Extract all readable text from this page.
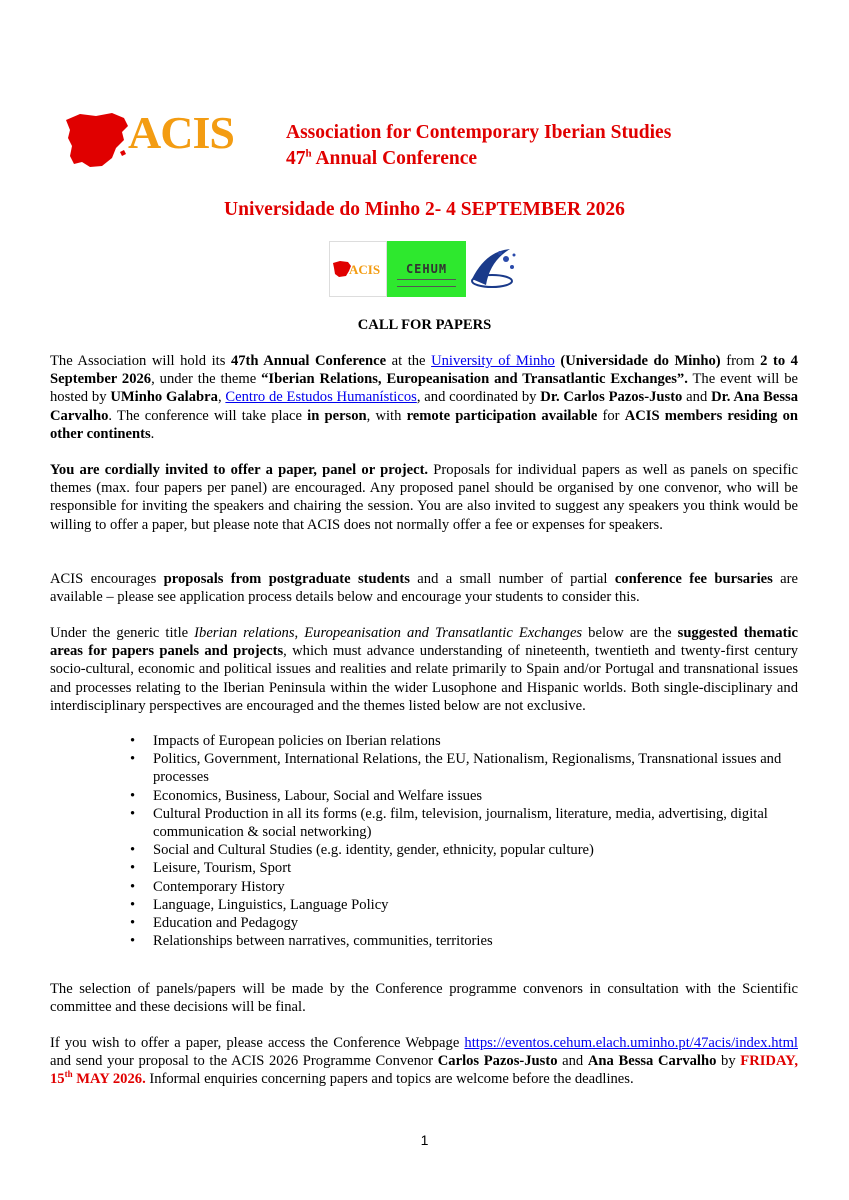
ACIS	Association for Contemporary Iberian Studies
47$^h$ Annual Conference
Universidade do Minho 2- 4 SEPTEMBER 2026
ACIS	CEHUM
CALL FOR PAPERS

The Association will hold its 47th Annual Conference at the University of Minho (Universidade do Minho) from 2 to 4 September 2026, under the theme “Iberian Relations, Europeanisation and Transatlantic Exchanges”. The event will be hosted by UMinho Galabra, Centro de Estudos Humanísticos, and coordinated by Dr. Carlos Pazos-Justo and Dr. Ana Bessa Carvalho. The conference will take place in person, with remote participation available for ACIS members residing on other continents.

You are cordially invited to offer a paper, panel or project. Proposals for individual papers as well as panels on specific themes (max. four papers per panel) are encouraged. Any proposed panel should be organised by one convenor, who will be responsible for inviting the speakers and chairing the session. You are also invited to suggest any speakers you think would be willing to offer a paper, but please note that ACIS does not normally offer a fee or expenses for speakers.

ACIS encourages proposals from postgraduate students and a small number of partial conference fee bursaries are available – please see application process details below and encourage your students to consider this.

Under the generic title Iberian relations, Europeanisation and Transatlantic Exchanges below are the suggested thematic areas for papers panels and projects, which must advance understanding of nineteenth, twentieth and twenty-first century socio-cultural, economic and political issues and realities and relate primarily to Spain and/or Portugal and transnational issues and processes relating to the Iberian Peninsula within the wider Lusophone and Hispanic worlds. Both single-disciplinary and interdisciplinary perspectives are encouraged and the themes listed below are not exclusive.

• Impacts of European policies on Iberian relations
• Politics, Government, International Relations, the EU, Nationalism, Regionalisms, Transnational issues and processes
• Economics, Business, Labour, Social and Welfare issues
• Cultural Production in all its forms (e.g. film, television, journalism, literature, media, advertising, digital communication & social networking)
• Social and Cultural Studies (e.g. identity, gender, ethnicity, popular culture)
• Leisure, Tourism, Sport
• Contemporary History
• Language, Linguistics, Language Policy
• Education and Pedagogy
• Relationships between narratives, communities, territories

The selection of panels/papers will be made by the Conference programme convenors in consultation with the Scientific committee and these decisions will be final.

If you wish to offer a paper, please access the Conference Webpage https://eventos.cehum.elach.uminho.pt/47acis/index.html and send your proposal to the ACIS 2026 Programme Convenor Carlos Pazos-Justo and Ana Bessa Carvalho by FRIDAY, 15th MAY 2026. Informal enquiries concerning papers and topics are welcome before the deadlines.

1
